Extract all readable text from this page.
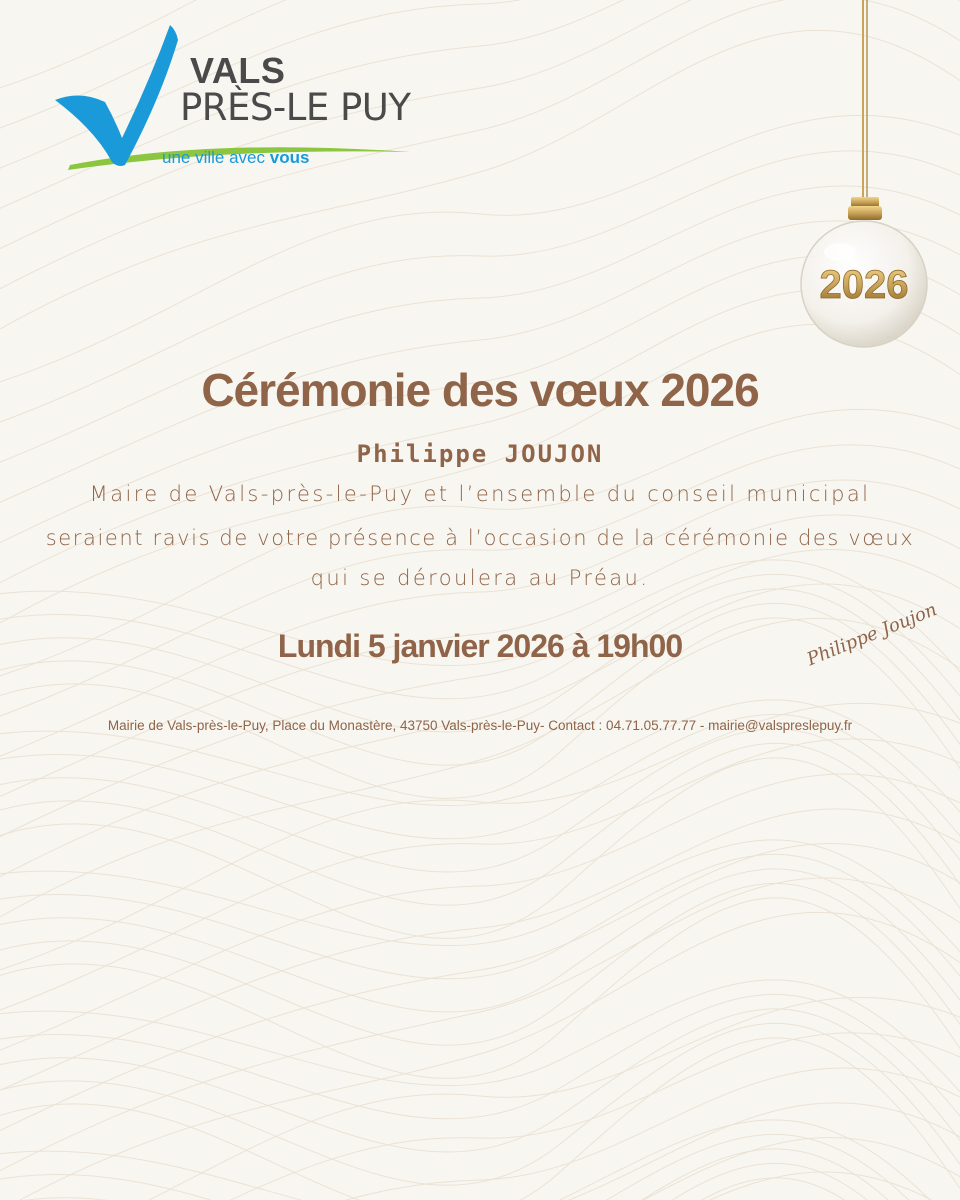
VALS
PRÈS-LE PUY
une ville avec vous
2026
Cérémonie des vœux 2026
Philippe JOUJON
Maire de Vals-près-le-Puy et l’ensemble du conseil municipal
seraient ravis de votre présence à l’occasion de la cérémonie des vœux
qui se déroulera au Préau.
Lundi 5 janvier 2026 à 19h00	Philippe Joujon
Mairie de Vals-près-le-Puy, Place du Monastère, 43750 Vals-près-le-Puy- Contact : 04.71.05.77.77 - mairie@valspreslepuy.fr
